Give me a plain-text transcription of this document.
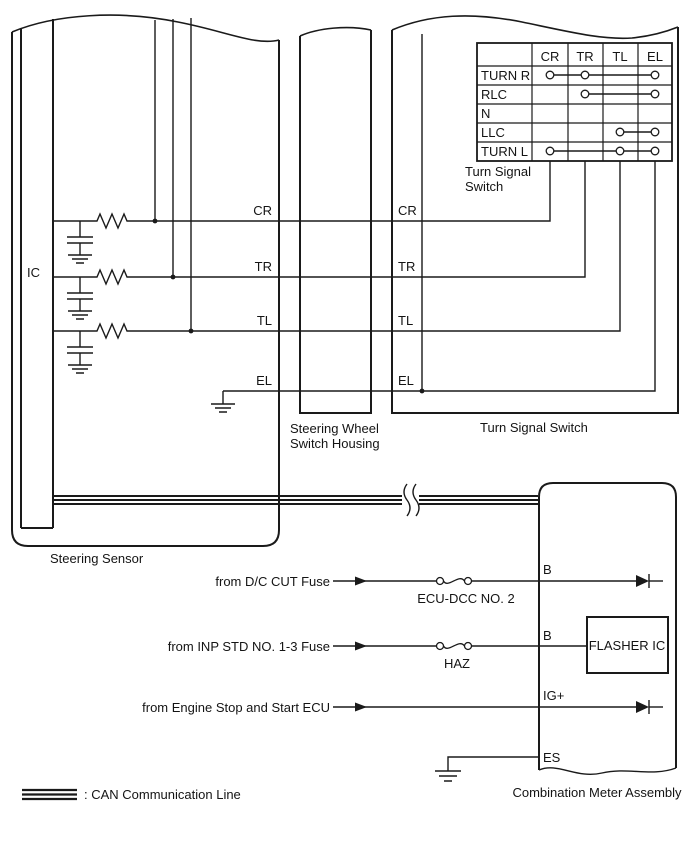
IC
CR
TR
TL
EL
CR
TR
TL
EL
Steering Wheel
Switch Housing
Turn Signal Switch
CR TR TL EL
TURN R
RLC
N
LLC
TURN L
Turn Signal
Switch
Steering Sensor
Combination Meter Assembly
FLASHER IC
from D/C CUT Fuse
ECU-DCC NO. 2
B
from INP STD NO. 1-3 Fuse
HAZ
B
from Engine Stop and Start ECU
IG+
ES
: CAN Communication Line
